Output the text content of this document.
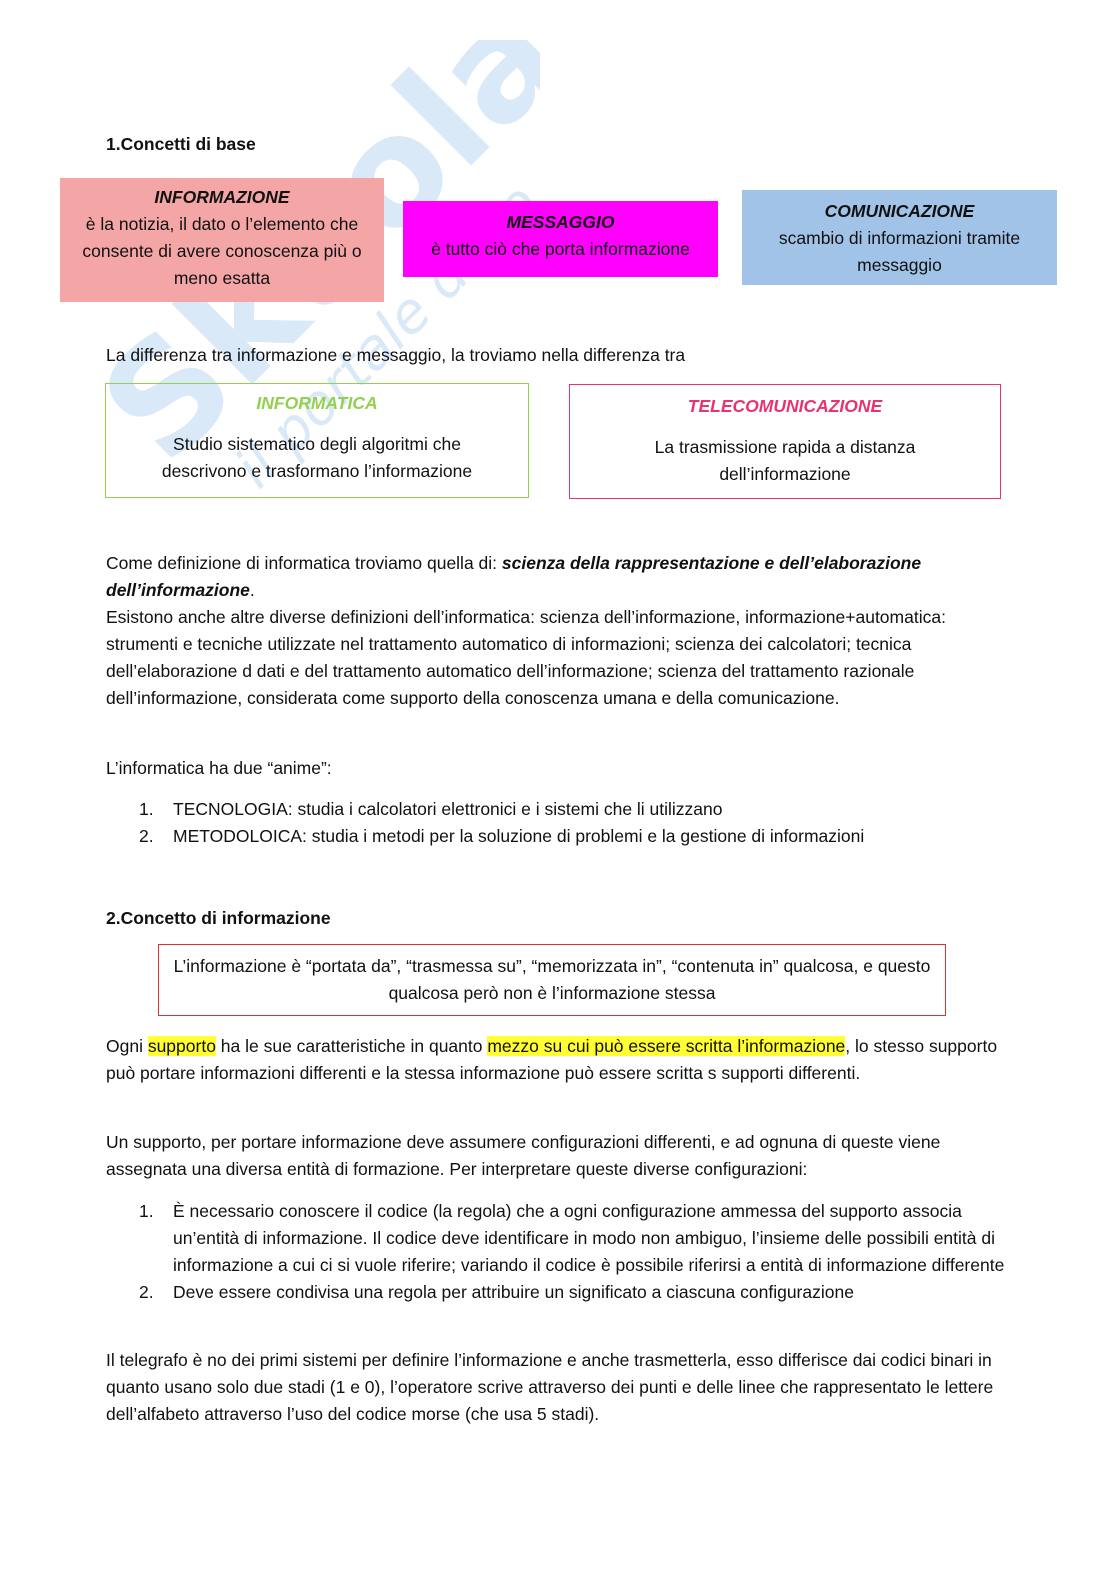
il portale studente
1.Concetti di base
INFORMAZIONE
è la notizia, il dato o l’elemento che consente di avere conoscenza più o meno esatta
MESSAGGIO
è tutto ciò che porta informazione
COMUNICAZIONE
scambio di informazioni tramite messaggio
La differenza tra informazione e messaggio, la troviamo nella differenza tra
INFORMATICA
Studio sistematico degli algoritmi che descrivono e trasformano l’informazione
TELECOMUNICAZIONE
La trasmissione rapida a distanza dell’informazione
Come definizione di informatica troviamo quella di: scienza della rappresentazione e dell’elaborazione dell’informazione.
Esistono anche altre diverse definizioni dell’informatica: scienza dell’informazione, informazione+automatica: strumenti e tecniche utilizzate nel trattamento automatico di informazioni; scienza dei calcolatori; tecnica dell’elaborazione d dati e del trattamento automatico dell’informazione; scienza del trattamento razionale dell’informazione, considerata come supporto della conoscenza umana e della comunicazione.
L’informatica ha due “anime”:
1. TECNOLOGIA: studia i calcolatori elettronici e i sistemi che li utilizzano
2. METODOLOICA: studia i metodi per la soluzione di problemi e la gestione di informazioni
2.Concetto di informazione
L’informazione è “portata da”, “trasmessa su”, “memorizzata in”, “contenuta in” qualcosa, e questo qualcosa però non è l’informazione stessa
Ogni supporto ha le sue caratteristiche in quanto mezzo su cui può essere scritta l’informazione, lo stesso supporto può portare informazioni differenti e la stessa informazione può essere scritta s supporti differenti.
Un supporto, per portare informazione deve assumere configurazioni differenti, e ad ognuna di queste viene assegnata una diversa entità di formazione. Per interpretare queste diverse configurazioni:
1. È necessario conoscere il codice (la regola) che a ogni configurazione ammessa del supporto associa un’entità di informazione. Il codice deve identificare in modo non ambiguo, l’insieme delle possibili entità di informazione a cui ci si vuole riferire; variando il codice è possibile riferirsi a entità di informazione differente
2. Deve essere condivisa una regola per attribuire un significato a ciascuna configurazione
Il telegrafo è no dei primi sistemi per definire l’informazione e anche trasmetterla, esso differisce dai codici binari in quanto usano solo due stadi (1 e 0), l’operatore scrive attraverso dei punti e delle linee che rappresentato le lettere dell’alfabeto attraverso l’uso del codice morse (che usa 5 stadi).
